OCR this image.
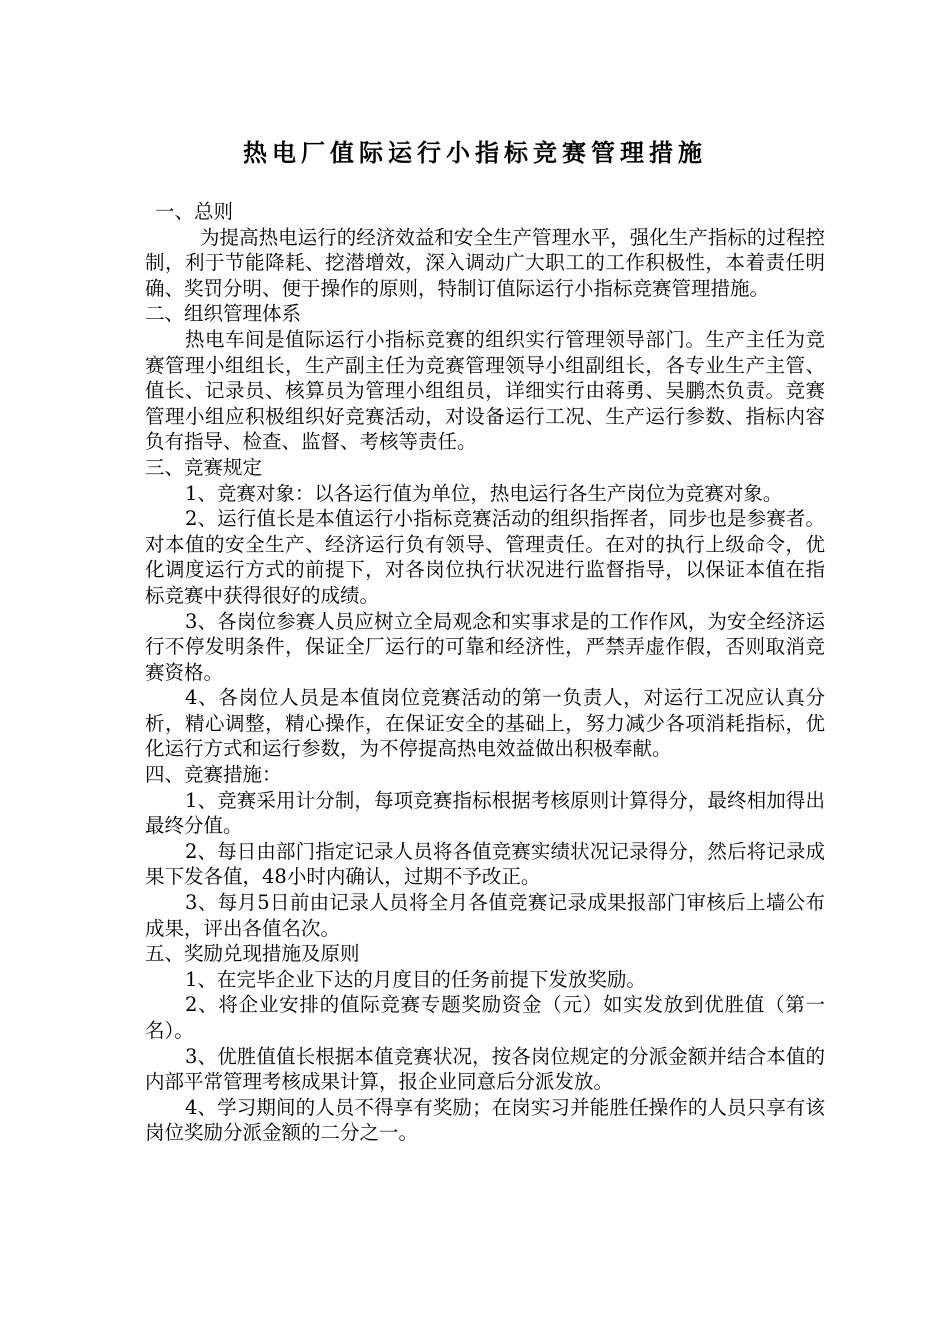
热电厂值际运行小指标竞赛管理措施
一、总则

为提高热电运行的经济效益和安全生产管理水平，强化生产指标的过程控制，利于节能降耗、挖潜增效，深入调动广大职工的工作积极性，本着责任明确、奖罚分明、便于操作的原则，特制订值际运行小指标竞赛管理措施。

二、组织管理体系

热电车间是值际运行小指标竞赛的组织实行管理领导部门。生产主任为竞赛管理小组组长，生产副主任为竞赛管理领导小组副组长，各专业生产主管、值长、记录员、核算员为管理小组组员，详细实行由蒋勇、吴鹏杰负责。竞赛管理小组应积极组织好竞赛活动，对设备运行工况、生产运行参数、指标内容负有指导、检查、监督、考核等责任。

三、竞赛规定

1、竞赛对象：以各运行值为单位，热电运行各生产岗位为竞赛对象。

2、运行值长是本值运行小指标竞赛活动的组织指挥者，同步也是参赛者。对本值的安全生产、经济运行负有领导、管理责任。在对的执行上级命令，优化调度运行方式的前提下，对各岗位执行状况进行监督指导，以保证本值在指标竞赛中获得很好的成绩。

3、各岗位参赛人员应树立全局观念和实事求是的工作作风，为安全经济运行不停发明条件，保证全厂运行的可靠和经济性，严禁弄虚作假，否则取消竞赛资格。

4、各岗位人员是本值岗位竞赛活动的第一负责人，对运行工况应认真分析，精心调整，精心操作，在保证安全的基础上，努力减少各项消耗指标，优化运行方式和运行参数，为不停提高热电效益做出积极奉献。

四、竞赛措施：

1、竞赛采用计分制，每项竞赛指标根据考核原则计算得分，最终相加得出最终分值。

2、每日由部门指定记录人员将各值竞赛实绩状况记录得分，然后将记录成果下发各值，48小时内确认，过期不予改正。

3、每月5日前由记录人员将全月各值竞赛记录成果报部门审核后上墙公布成果，评出各值名次。

五、奖励兑现措施及原则

1、在完毕企业下达的月度目的任务前提下发放奖励。

2、将企业安排的值际竞赛专题奖励资金（元）如实发放到优胜值（第一名）。

3、优胜值值长根据本值竞赛状况，按各岗位规定的分派金额并结合本值的内部平常管理考核成果计算，报企业同意后分派发放。

4、学习期间的人员不得享有奖励；在岗实习并能胜任操作的人员只享有该岗位奖励分派金额的二分之一。
